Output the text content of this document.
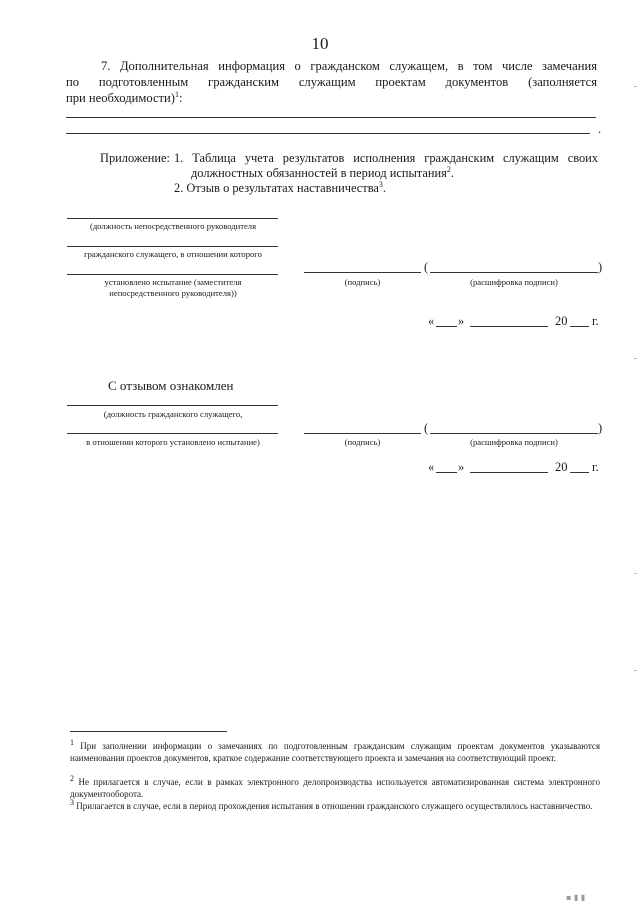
10
7. Дополнительная информация о гражданском служащем, в том числе замечания
по подготовленным гражданским служащим проектам документов (заполняется
при необходимости)$^1$:
.
Приложение: 1. Таблица учета результатов исполнения гражданским служащим своих
должностных обязанностей в период испытания$^2$.
2. Отзыв о результатах наставничества$^3$.
(должность непосредственного руководителя
гражданского служащего, в отношении которого
установлено испытание (заместителя
непосредственного руководителя))
(подпись)
(	)
(расшифровка подписи)
« »	20 г.
С отзывом ознакомлен
(должность гражданского служащего,
в отношении которого установлено испытание)	(подпись)
(	)
(расшифровка подписи)
« »	20 г.
$^1$ При заполнении информации о замечаниях по подготовленным гражданским служащим проектам документов указываются наименования проектов документов, краткое содержание соответствующего проекта и замечания на соответствующий проект.
$^2$ Не прилагается в случае, если в рамках электронного делопроизводства используется автоматизированная система электронного документооборота.
$^3$ Прилагается в случае, если в период прохождения испытания в отношении гражданского служащего осуществлялось наставничество.
▪ ▮ ▮
